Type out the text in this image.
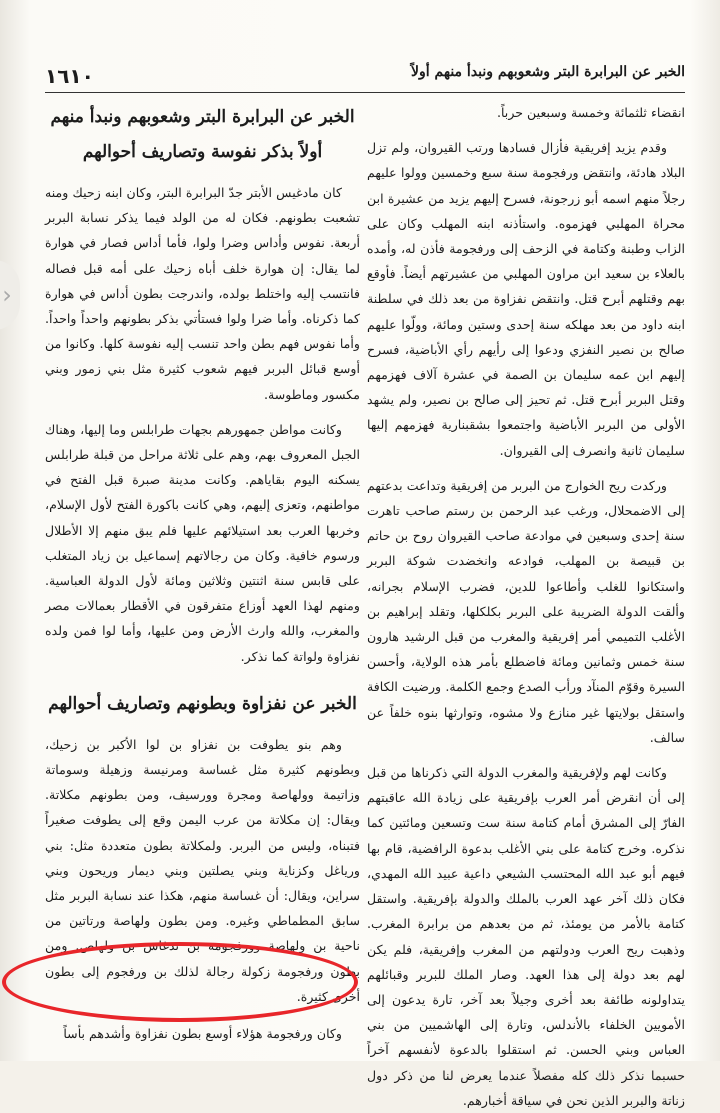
›
١٦١٠	الخبر عن البرابرة البتر وشعوبهم ونبدأ منهم أولاً

انقضاء ثلثمائة وخمسة وسبعين حرباً.

وقدم يزيد إفريقية فأزال فسادها ورتب القيروان، ولم تزل البلاد هادئة، وانتقض ورفجومة سنة سبع وخمسين وولوا عليهم رجلاً منهم اسمه أبو زرجونة، فسرح إليهم يزيد من عشيرة ابن محراة المهلبي فهزموه. واستأذنه ابنه المهلب وكان على الزاب وطبنة وكتامة في الزحف إلى ورفجومة فأذن له، وأمده بالعلاء بن سعيد ابن مراون المهلبي من عشيرتهم أيضاً. فأوقع بهم وقتلهم أبرح قتل. وانتقض نفزاوة من بعد ذلك في سلطنة ابنه داود من بعد مهلكه سنة إحدى وستين ومائة، وولّوا عليهم صالح بن نصير النفزي ودعوا إلى رأيهم رأي الأباضية، فسرح إليهم ابن عمه سليمان بن الصمة في عشرة آلاف فهزمهم وقتل البربر أبرح قتل. ثم تحيز إلى صالح بن نصير، ولم يشهد الأولى من البربر الأباضية واجتمعوا بشقبنارية فهزمهم إليها سليمان ثانية وانصرف إلى القيروان.

وركدت ريح الخوارج من البربر من إفريقية وتداعت بدعتهم إلى الاضمحلال، ورغب عبد الرحمن بن رستم صاحب تاهرت سنة إحدى وسبعين في موادعة صاحب القيروان روح بن حاتم بن قبيصة بن المهلب، فوادعه وانخضدت شوكة البربر واستكانوا للغلب وأطاعوا للدين، فضرب الإسلام بجرانه، وألقت الدولة الضريبة على البربر بكلكلها، وتقلد إبراهيم بن الأغلب التميمي أمر إفريقية والمغرب من قبل الرشيد هارون سنة خمس وثمانين ومائة فاضطلع بأمر هذه الولاية، وأحسن السيرة وقوّم المنآد ورأب الصدع وجمع الكلمة. ورضيت الكافة واستقل بولايتها غير منازع ولا مشوه، وتوارثها بنوه خلفاً عن سالف.

وكانت لهم ولإفريقية والمغرب الدولة التي ذكرناها من قبل إلى أن انقرض أمر العرب بإفريقية على زيادة الله عاقبتهم الفارّ إلى المشرق أمام كتامة سنة ست وتسعين ومائتين كما نذكره. وخرج كتامة على بني الأغلب بدعوة الرافضية، قام بها فيهم أبو عبد الله المحتسب الشيعي داعية عبيد الله المهدي، فكان ذلك آخر عهد العرب بالملك والدولة بإفريقية. واستقل كتامة بالأمر من يومئذ، ثم من بعدهم من برابرة المغرب. وذهبت ريح العرب ودولتهم من المغرب وإفريقية، فلم يكن لهم بعد دولة إلى هذا العهد. وصار الملك للبربر وقبائلهم يتداولونه طائفة بعد أخرى وجيلاً بعد آخر، تارة يدعون إلى الأمويين الخلفاء بالأندلس، وتارة إلى الهاشميين من بني العباس وبني الحسن. ثم استقلوا بالدعوة لأنفسهم آخراً حسبما نذكر ذلك كله مفصلاً عندما يعرض لنا من ذكر دول زناتة والبربر الذين نحن في سياقة أخبارهم.

الخبر عن البرابرة البتر وشعوبهم ونبدأ منهم أولاً بذكر نفوسة وتصاريف أحوالهم

كان مادغيس الأبتر جدّ البرابرة البتر، وكان ابنه زحيك ومنه تشعبت بطونهم. فكان له من الولد فيما يذكر نسابة البربر أربعة. نفوس وأداس وضرا ولوا، فأما أداس فصار في هوارة لما يقال: إن هوارة خلف أباه زحيك على أمه قبل فصاله فانتسب إليه واختلط بولده، واندرجت بطون أداس في هوارة كما ذكرناه. وأما ضرا ولوا فستأتي بذكر بطونهم واحداً واحداً. وأما نفوس فهم بطن واحد تنسب إليه نفوسة كلها. وكانوا من أوسع قبائل البربر فيهم شعوب كثيرة مثل بني زمور وبني مكسور وماطوسة.

وكانت مواطن جمهورهم بجهات طرابلس وما إليها، وهناك الجبل المعروف بهم، وهم على ثلاثة مراحل من قبلة طرابلس يسكنه اليوم بقاياهم. وكانت مدينة صبرة قبل الفتح في مواطنهم، وتعزى إليهم، وهي كانت باكورة الفتح لأول الإسلام، وخربها العرب بعد استيلائهم عليها فلم يبق منهم إلا الأطلال ورسوم خافية. وكان من رجالاتهم إسماعيل بن زياد المتغلب على قابس سنة اثنتين وثلاثين ومائة لأول الدولة العباسية. ومنهم لهذا العهد أوزاع متفرقون في الأقطار بعمالات مصر والمغرب، والله وارث الأرض ومن عليها، وأما لوا فمن ولده نفزاوة ولواتة كما نذكر.

الخبر عن نفزاوة وبطونهم وتصاريف أحوالهم

وهم بنو يطوفت بن نفزاو بن لوا الأكبر بن زحيك، وبطونهم كثيرة مثل غساسة ومرنيسة وزهيلة وسوماتة وزاتيمة وولهاصة ومجرة وورسيف، ومن بطونهم مكلاتة. ويقال: إن مكلاتة من عرب اليمن وقع إلى يطوفت صغيراً فتبناه، وليس من البربر. ولمكلاتة بطون متعددة مثل: بني ورياغل وكزناية وبني يصلتين وبني ديمار وريحون وبني سراين، ويقال: أن غساسة منهم، هكذا عند نسابة البربر مثل سابق المطماطي وغيره. ومن بطون ولهاصة ورتاتين من ناحية بن ولهاصة وورفجومة بن تدغاس بن ولهاص. ومن بطون ورفجومة زكولة رجالة لذلك بن ورفجوم إلى بطون أخرى كثيرة.

وكان ورفجومة هؤلاء أوسع بطون نفزاوة وأشدهم بأساً
